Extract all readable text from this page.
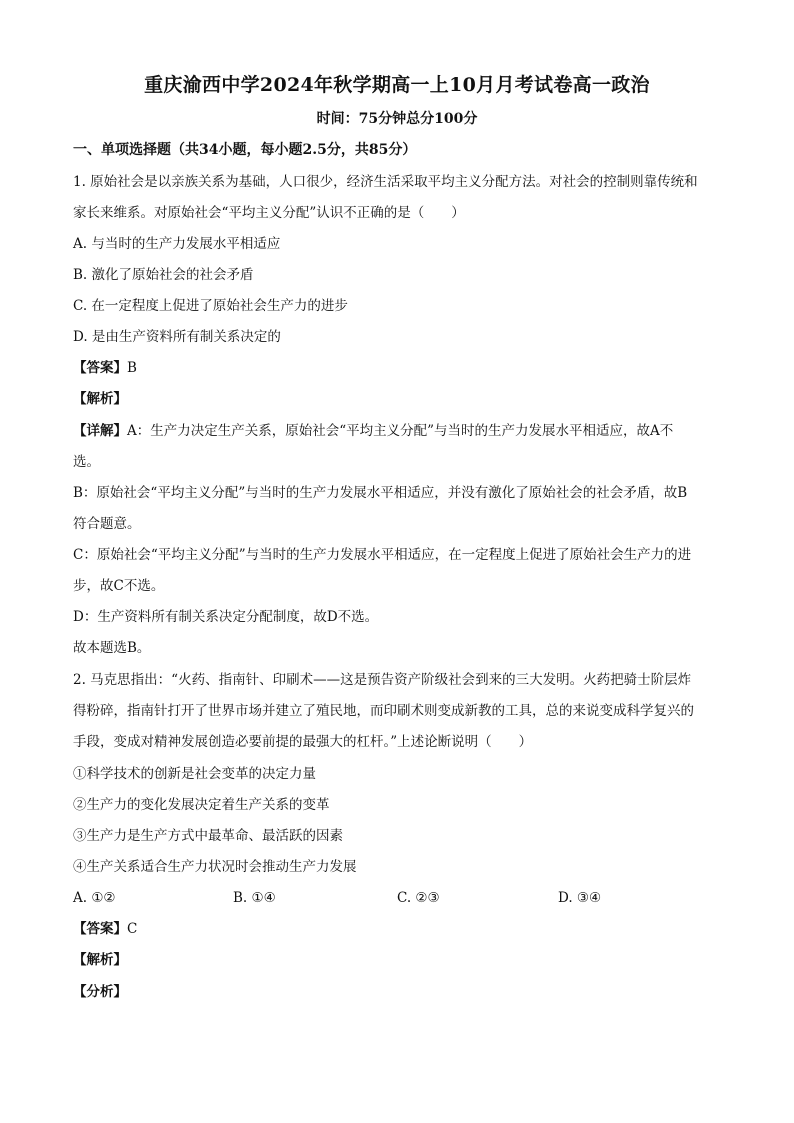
重庆渝西中学2024年秋学期高一上10月月考试卷高一政治
时间：75分钟总分100分
一、单项选择题（共34小题，每小题2.5分，共85分）
1. 原始社会是以亲族关系为基础，人口很少，经济生活采取平均主义分配方法。对社会的控制则靠传统和
家长来维系。对原始社会“平均主义分配”认识不正确的是（　　）
A. 与当时的生产力发展水平相适应
B. 激化了原始社会的社会矛盾
C. 在一定程度上促进了原始社会生产力的进步
D. 是由生产资料所有制关系决定的
【答案】B
【解析】
【详解】A：生产力决定生产关系，原始社会“平均主义分配”与当时的生产力发展水平相适应，故A不
选。
B：原始社会“平均主义分配”与当时的生产力发展水平相适应，并没有激化了原始社会的社会矛盾，故B
符合题意。
C：原始社会“平均主义分配”与当时的生产力发展水平相适应，在一定程度上促进了原始社会生产力的进
步，故C不选。
D：生产资料所有制关系决定分配制度，故D不选。
故本题选B。
2. 马克思指出：“火药、指南针、印刷术——这是预告资产阶级社会到来的三大发明。火药把骑士阶层炸
得粉碎，指南针打开了世界市场并建立了殖民地，而印刷术则变成新教的工具，总的来说变成科学复兴的
手段，变成对精神发展创造必要前提的最强大的杠杆。”上述论断说明（　　）
①科学技术的创新是社会变革的决定力量
②生产力的变化发展决定着生产关系的变革
③生产力是生产方式中最革命、最活跃的因素
④生产关系适合生产力状况时会推动生产力发展
A. ①②	B. ①④	C. ②③	D. ③④
【答案】C
【解析】
【分析】
